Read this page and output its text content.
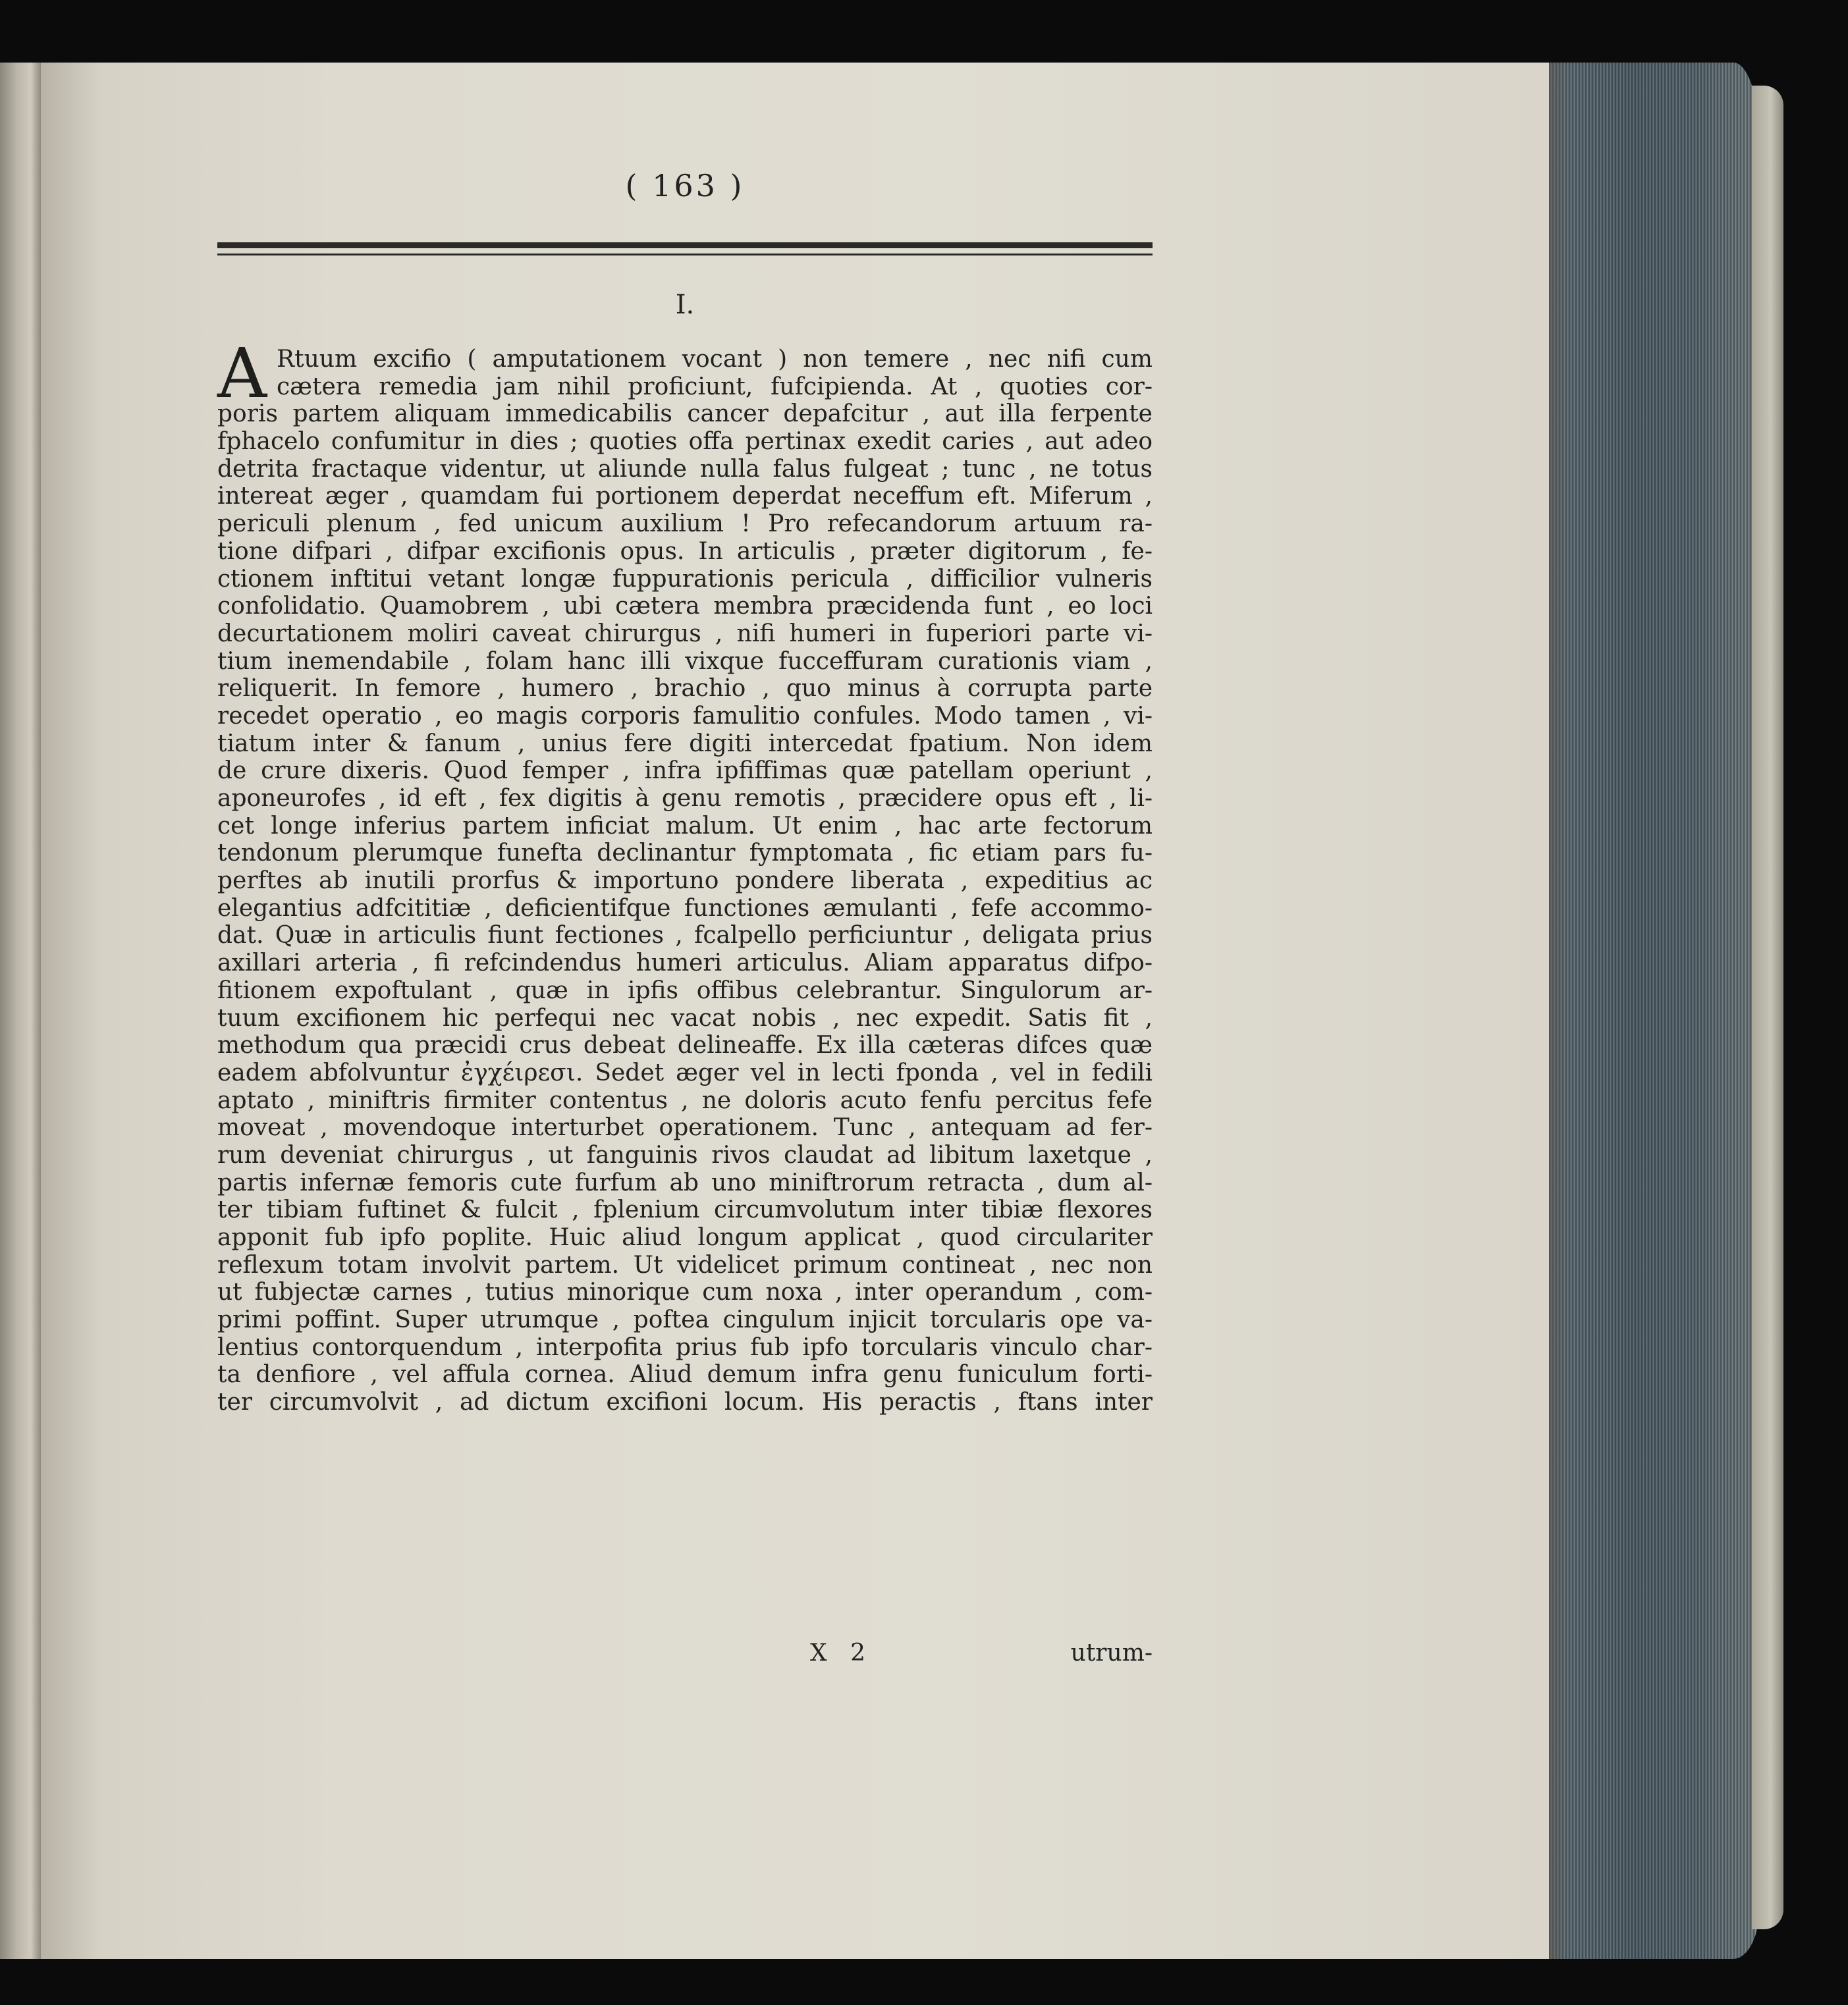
( 163 )
I.
A Rtuum excifio ( amputationem vocant ) non temere , nec nifi cum
cætera remedia jam nihil proficiunt, fufcipienda. At , quoties cor-
poris partem aliquam immedicabilis cancer depafcitur , aut illa ferpente
fphacelo confumitur in dies ; quoties offa pertinax exedit caries , aut adeo
detrita fractaque videntur, ut aliunde nulla falus fulgeat ; tunc , ne totus
intereat æger , quamdam fui portionem deperdat neceffum eft. Miferum ,
periculi plenum , fed unicum auxilium ! Pro refecandorum artuum ra-
tione difpari , difpar excifionis opus. In articulis , præter digitorum , fe-
ctionem inftitui vetant longæ fuppurationis pericula , difficilior vulneris
confolidatio. Quamobrem , ubi cætera membra præcidenda funt , eo loci
decurtationem moliri caveat chirurgus , nifi humeri in fuperiori parte vi-
tium inemendabile , folam hanc illi vixque fucceffuram curationis viam ,
reliquerit. In femore , humero , brachio , quo minus à corrupta parte
recedet operatio , eo magis corporis famulitio confules. Modo tamen , vi-
tiatum inter & fanum , unius fere digiti intercedat fpatium. Non idem
de crure dixeris. Quod femper , infra ipfiffimas quæ patellam operiunt ,
aponeurofes , id eft , fex digitis à genu remotis , præcidere opus eft , li-
cet longe inferius partem inficiat malum. Ut enim , hac arte fectorum
tendonum plerumque funefta declinantur fymptomata , fic etiam pars fu-
perftes ab inutili prorfus & importuno pondere liberata , expeditius ac
elegantius adfcititiæ , deficientifque functiones æmulanti , fefe accommo-
dat. Quæ in articulis fiunt fectiones , fcalpello perficiuntur , deligata prius
axillari arteria , fi refcindendus humeri articulus. Aliam apparatus difpo-
fitionem expoftulant , quæ in ipfis offibus celebrantur. Singulorum ar-
tuum excifionem hic perfequi nec vacat nobis , nec expedit. Satis fit ,
methodum qua præcidi crus debeat delineaffe. Ex illa cæteras difces quæ
eadem abfolvuntur ἐγχέιρεσι. Sedet æger vel in lecti fponda , vel in fedili
aptato , miniftris firmiter contentus , ne doloris acuto fenfu percitus fefe
moveat , movendoque interturbet operationem. Tunc , antequam ad fer-
rum deveniat chirurgus , ut fanguinis rivos claudat ad libitum laxetque ,
partis infernæ femoris cute furfum ab uno miniftrorum retracta , dum al-
ter tibiam fuftinet & fulcit , fplenium circumvolutum inter tibiæ flexores
apponit fub ipfo poplite. Huic aliud longum applicat , quod circulariter
reflexum totam involvit partem. Ut videlicet primum contineat , nec non
ut fubjectæ carnes , tutius minorique cum noxa , inter operandum , com-
primi poffint. Super utrumque , poftea cingulum injicit torcularis ope va-
lentius contorquendum , interpofita prius fub ipfo torcularis vinculo char-
ta denfiore , vel affula cornea. Aliud demum infra genu funiculum forti-
ter circumvolvit , ad dictum excifioni locum. His peractis , ftans inter
X 2	utrum-
